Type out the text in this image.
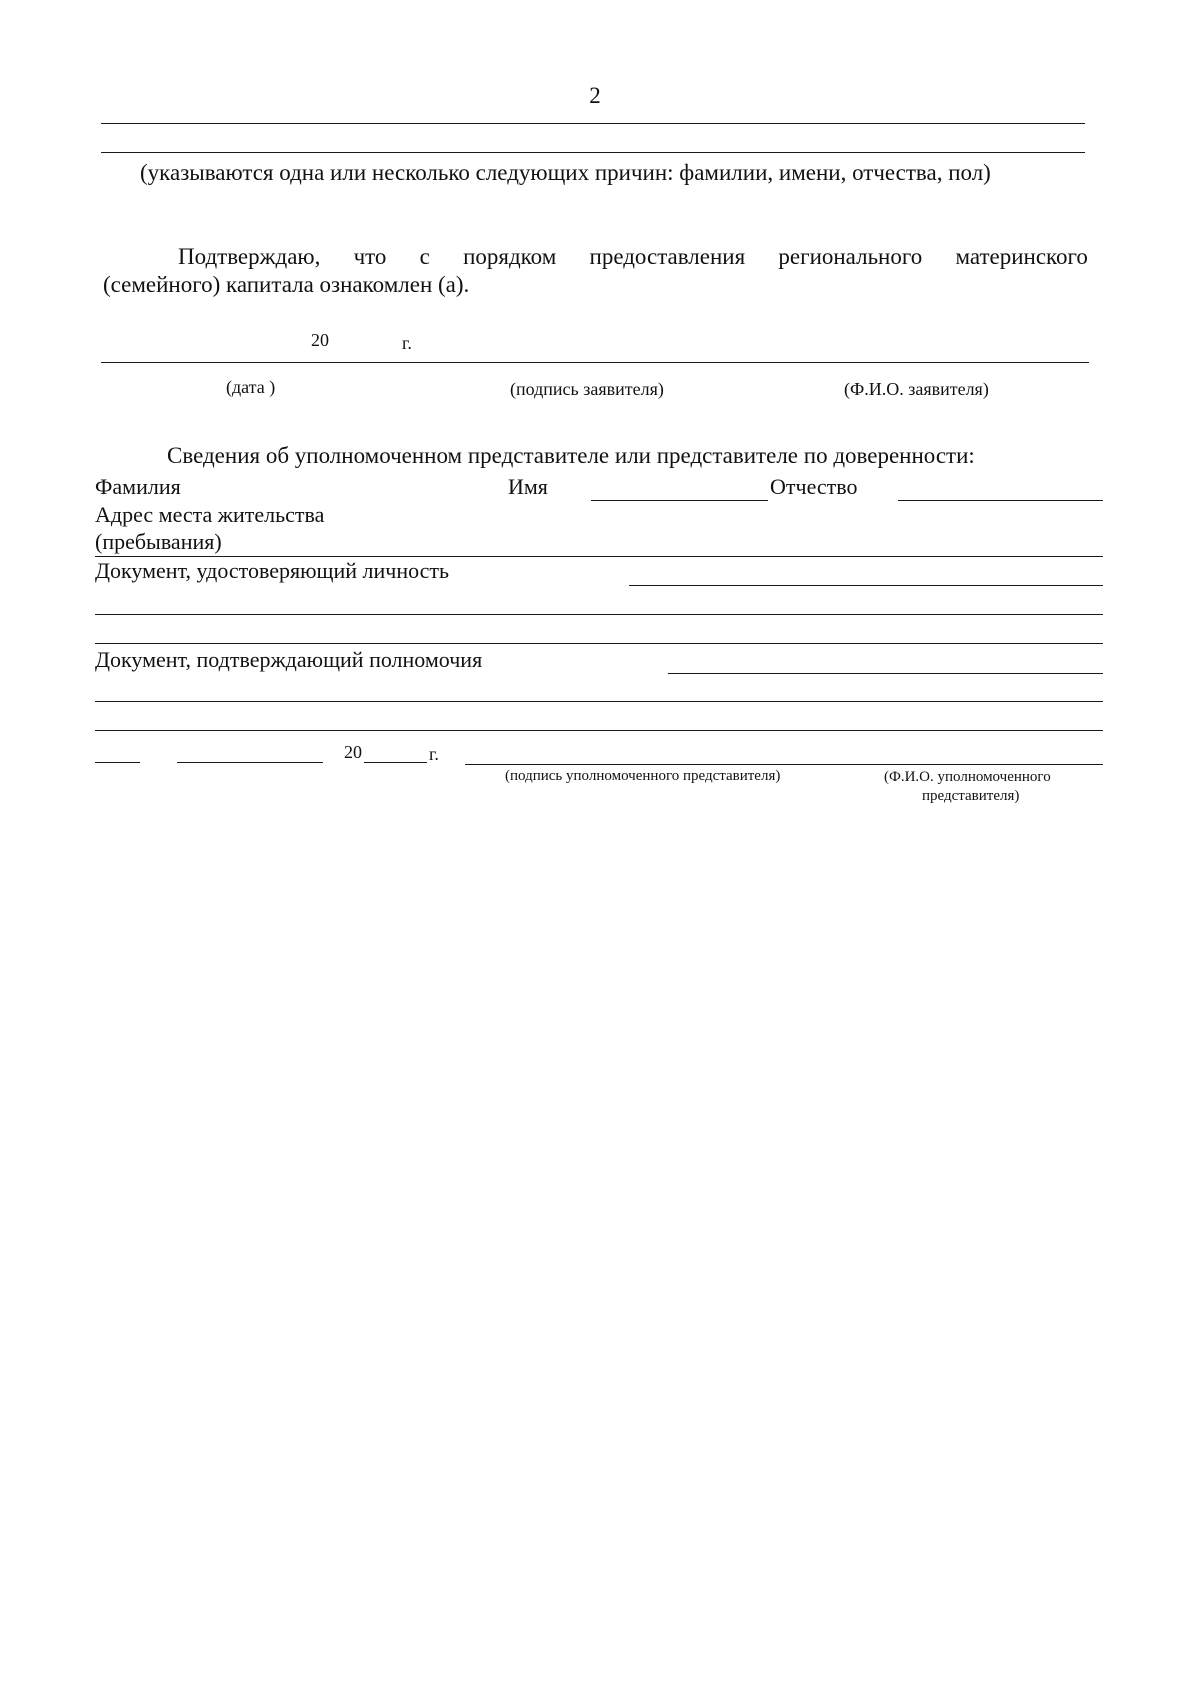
2
(указываются одна или несколько следующих причин: фамилии, имени, отчества, пол)
Подтверждаю, что с порядком предоставления регионального материнского
(семейного) капитала ознакомлен (а).
20	г.
(дата )	(подпись заявителя)	(Ф.И.О. заявителя)
Сведения об уполномоченном представителе или представителе по доверенности:
Фамилия	Имя	Отчество
Адрес места жительства
(пребывания)
Документ, удостоверяющий личность
Документ, подтверждающий полномочия
20	г.
(подпись уполномоченного представителя)	(Ф.И.О. уполномоченного
представителя)
